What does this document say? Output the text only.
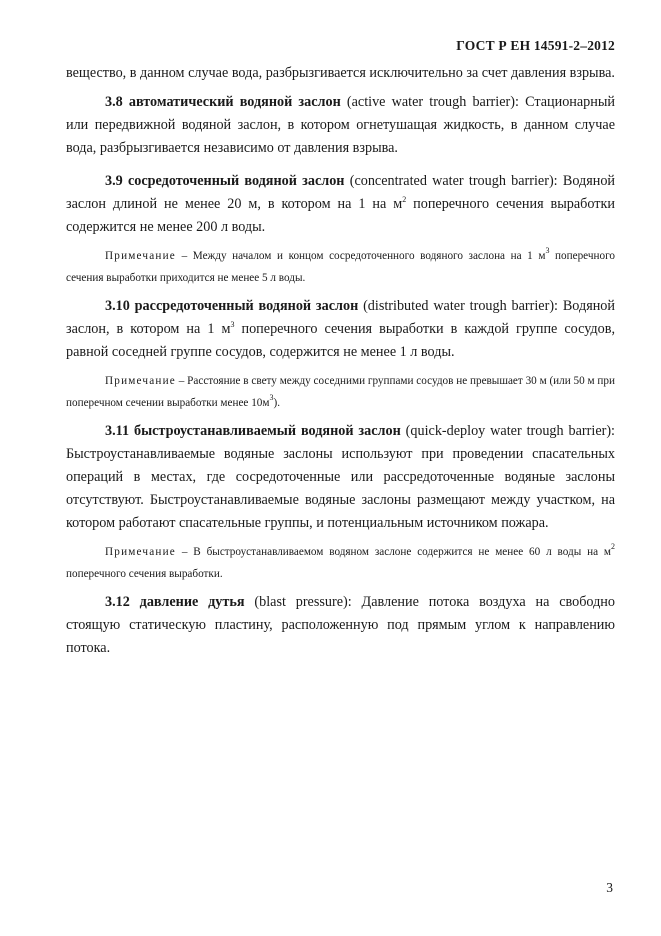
ГОСТ Р ЕН 14591-2–2012

вещество, в данном случае вода, разбрызгивается исключительно за счет давления взрыва.

3.8 автоматический водяной заслон (active water trough barrier): Стационарный или передвижной водяной заслон, в котором огнетушащая жидкость, в данном случае вода, разбрызгивается независимо от давления взрыва.

3.9 сосредоточенный водяной заслон (concentrated water trough barrier): Водяной заслон длиной не менее 20 м, в котором на 1 на $м^2$ поперечного сечения выработки содержится не менее 200 л воды.

Примечание – Между началом и концом сосредоточенного водяного заслона на 1 $м^3$ поперечного сечения выработки приходится не менее 5 л воды.

3.10 рассредоточенный водяной заслон (distributed water trough barrier): Водяной заслон, в котором на 1 $м^3$ поперечного сечения выработки в каждой группе сосудов, равной соседней группе сосудов, содержится не менее 1 л воды.

Примечание – Расстояние в свету между соседними группами сосудов не превышает 30 м (или 50 м при поперечном сечении выработки менее $10м^3$).

3.11 быстроустанавливаемый водяной заслон (quick-deploy water trough barrier): Быстроустанавливаемые водяные заслоны используют при проведении спасательных операций в местах, где сосредоточенные или рассредоточенные водяные заслоны отсутствуют. Быстроустанавливаемые водяные заслоны размещают между участком, на котором работают спасательные группы, и потенциальным источником пожара.

Примечание – В быстроустанавливаемом водяном заслоне содержится не менее 60 л воды на $м^2$ поперечного сечения выработки.

3.12 давление дутья (blast pressure): Давление потока воздуха на свободно стоящую статическую пластину, расположенную под прямым углом к направлению потока.

3
